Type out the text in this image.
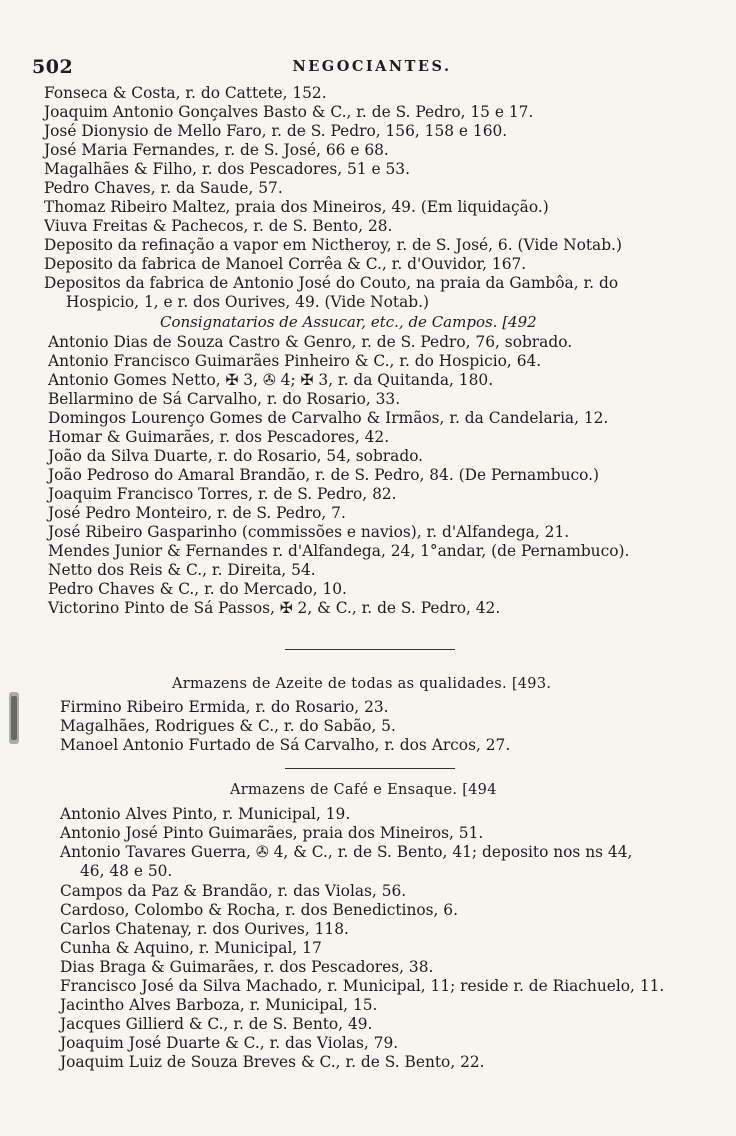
502	NEGOCIANTES.
Fonseca & Costa, r. do Cattete, 152.
Joaquim Antonio Gonçalves Basto & C., r. de S. Pedro, 15 e 17.
José Dionysio de Mello Faro, r. de S. Pedro, 156, 158 e 160.
José Maria Fernandes, r. de S. José, 66 e 68.
Magalhães & Filho, r. dos Pescadores, 51 e 53.
Pedro Chaves, r. da Saude, 57.
Thomaz Ribeiro Maltez, praia dos Mineiros, 49. (Em liquidação.)
Viuva Freitas & Pachecos, r. de S. Bento, 28.
Deposito da refinação a vapor em Nictheroy, r. de S. José, 6. (Vide Notab.)
Deposito da fabrica de Manoel Corrêa & C., r. d'Ouvidor, 167.
Depositos da fabrica de Antonio José do Couto, na praia da Gambôa, r. do
Hospicio, 1, e r. dos Ourives, 49. (Vide Notab.)
Consignatarios de Assucar, etc., de Campos. [492
Antonio Dias de Souza Castro & Genro, r. de S. Pedro, 76, sobrado.
Antonio Francisco Guimarães Pinheiro & C., r. do Hospicio, 64.
Antonio Gomes Netto, ✠ 3, ✇ 4; ✠ 3, r. da Quitanda, 180.
Bellarmino de Sá Carvalho, r. do Rosario, 33.
Domingos Lourenço Gomes de Carvalho & Irmãos, r. da Candelaria, 12.
Homar & Guimarães, r. dos Pescadores, 42.
João da Silva Duarte, r. do Rosario, 54, sobrado.
João Pedroso do Amaral Brandão, r. de S. Pedro, 84. (De Pernambuco.)
Joaquim Francisco Torres, r. de S. Pedro, 82.
José Pedro Monteiro, r. de S. Pedro, 7.
José Ribeiro Gasparinho (commissões e navios), r. d'Alfandega, 21.
Mendes Junior & Fernandes r. d'Alfandega, 24, 1°andar, (de Pernambuco).
Netto dos Reis & C., r. Direita, 54.
Pedro Chaves & C., r. do Mercado, 10.
Victorino Pinto de Sá Passos, ✠ 2, & C., r. de S. Pedro, 42.
Armazens de Azeite de todas as qualidades. [493.
Firmino Ribeiro Ermida, r. do Rosario, 23.
Magalhães, Rodrigues & C., r. do Sabão, 5.
Manoel Antonio Furtado de Sá Carvalho, r. dos Arcos, 27.
Armazens de Café e Ensaque. [494
Antonio Alves Pinto, r. Municipal, 19.
Antonio José Pinto Guimarães, praia dos Mineiros, 51.
Antonio Tavares Guerra, ✇ 4, & C., r. de S. Bento, 41; deposito nos ns 44,
46, 48 e 50.
Campos da Paz & Brandão, r. das Violas, 56.
Cardoso, Colombo & Rocha, r. dos Benedictinos, 6.
Carlos Chatenay, r. dos Ourives, 118.
Cunha & Aquino, r. Municipal, 17
Dias Braga & Guimarães, r. dos Pescadores, 38.
Francisco José da Silva Machado, r. Municipal, 11; reside r. de Riachuelo, 11.
Jacintho Alves Barboza, r. Municipal, 15.
Jacques Gillierd & C., r. de S. Bento, 49.
Joaquim José Duarte & C., r. das Violas, 79.
Joaquim Luiz de Souza Breves & C., r. de S. Bento, 22.
